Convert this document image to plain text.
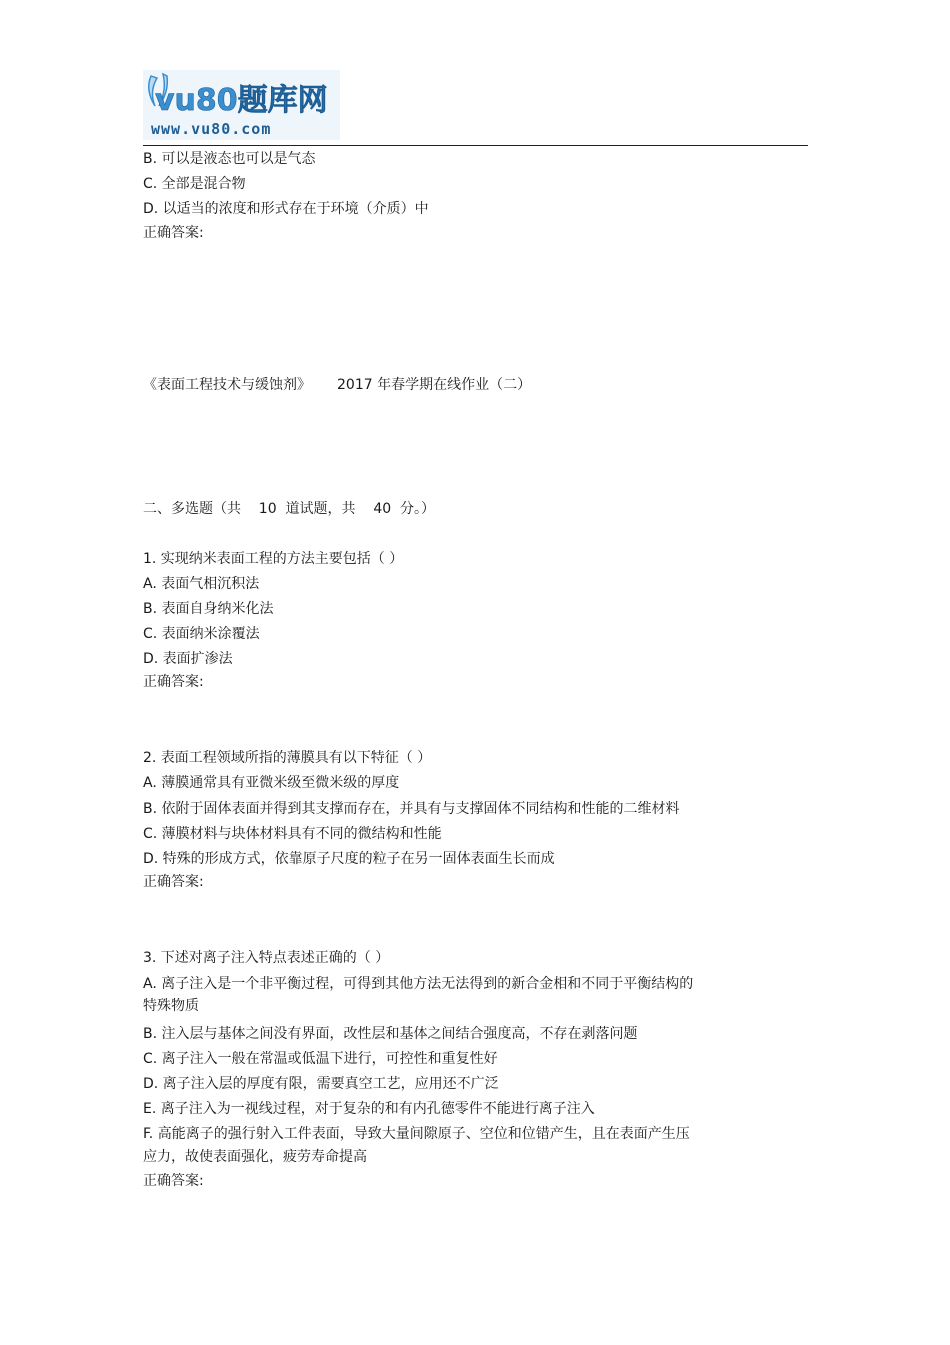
vu80题库网
www.vu80.com
B. 可以是液态也可以是气态
C. 全部是混合物
D. 以适当的浓度和形式存在于环境（介质）中
正确答案:
《表面工程技术与缓蚀剂》 2017 年春学期在线作业（二）
二、多选题（共    10  道试题，共    40  分。）
1. 实现纳米表面工程的方法主要包括（ ）
A. 表面气相沉积法
B. 表面自身纳米化法
C. 表面纳米涂覆法
D. 表面扩渗法
正确答案:
2. 表面工程领域所指的薄膜具有以下特征（ ）
A. 薄膜通常具有亚微米级至微米级的厚度
B. 依附于固体表面并得到其支撑而存在，并具有与支撑固体不同结构和性能的二维材料
C. 薄膜材料与块体材料具有不同的微结构和性能
D. 特殊的形成方式，依靠原子尺度的粒子在另一固体表面生长而成
正确答案:
3. 下述对离子注入特点表述正确的（ ）
A. 离子注入是一个非平衡过程，可得到其他方法无法得到的新合金相和不同于平衡结构的
特殊物质
B. 注入层与基体之间没有界面，改性层和基体之间结合强度高，不存在剥落问题
C. 离子注入一般在常温或低温下进行，可控性和重复性好
D. 离子注入层的厚度有限，需要真空工艺，应用还不广泛
E. 离子注入为一视线过程，对于复杂的和有内孔德零件不能进行离子注入
F. 高能离子的强行射入工件表面，导致大量间隙原子、空位和位错产生，且在表面产生压
应力，故使表面强化，疲劳寿命提高
正确答案:
